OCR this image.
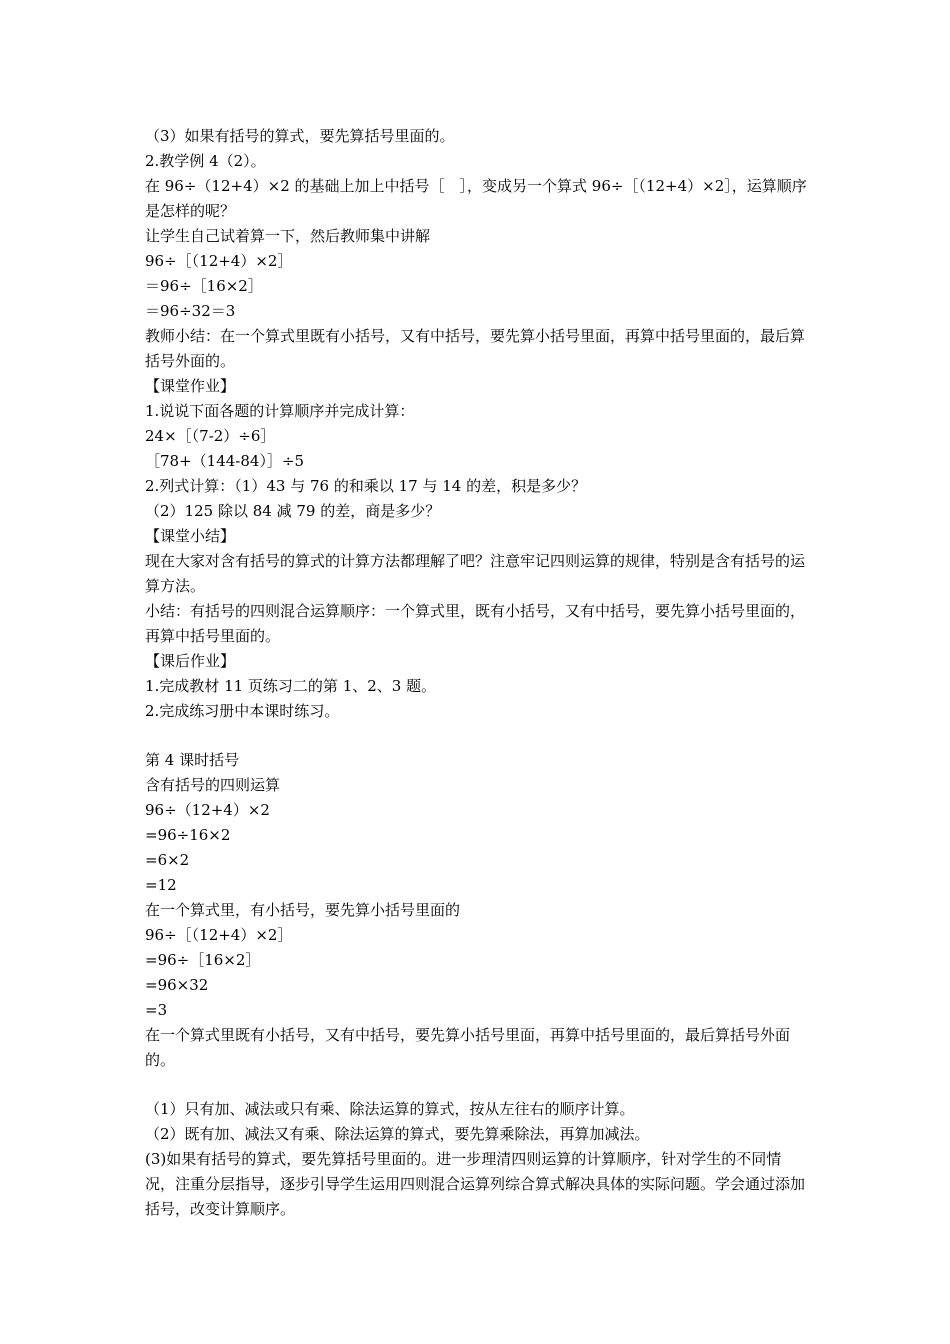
（3）如果有括号的算式，要先算括号里面的。
2.教学例 4（2）。
在 96÷（12+4）×2 的基础上加上中括号［　］，变成另一个算式 96÷［（12+4）×2］，运算顺序是怎样的呢？
让学生自己试着算一下，然后教师集中讲解
96÷［（12+4）×2］
＝96÷［16×2］
＝96÷32＝3
教师小结：在一个算式里既有小括号，又有中括号，要先算小括号里面，再算中括号里面的，最后算括号外面的。
【课堂作业】
1.说说下面各题的计算顺序并完成计算：
24×［（7-2）÷6］
［78+（144-84）］÷5
2.列式计算：（1）43 与 76 的和乘以 17 与 14 的差，积是多少？
（2）125 除以 84 减 79 的差，商是多少？
【课堂小结】
现在大家对含有括号的算式的计算方法都理解了吧？注意牢记四则运算的规律，特别是含有括号的运算方法。
小结：有括号的四则混合运算顺序：一个算式里，既有小括号，又有中括号，要先算小括号里面的，再算中括号里面的。
【课后作业】
1.完成教材 11 页练习二的第 1、2、3 题。
2.完成练习册中本课时练习。
第 4 课时括号
含有括号的四则运算
96÷（12+4）×2
=96÷16×2
=6×2
=12
在一个算式里，有小括号，要先算小括号里面的
96÷［（12+4）×2］
=96÷［16×2］
=96×32
=3
在一个算式里既有小括号，又有中括号，要先算小括号里面，再算中括号里面的，最后算括号外面的。
（1）只有加、减法或只有乘、除法运算的算式，按从左往右的顺序计算。
（2）既有加、减法又有乘、除法运算的算式，要先算乘除法，再算加减法。
(3)如果有括号的算式，要先算括号里面的。进一步理清四则运算的计算顺序，针对学生的不同情况，注重分层指导，逐步引导学生运用四则混合运算列综合算式解决具体的实际问题。学会通过添加括号，改变计算顺序。
